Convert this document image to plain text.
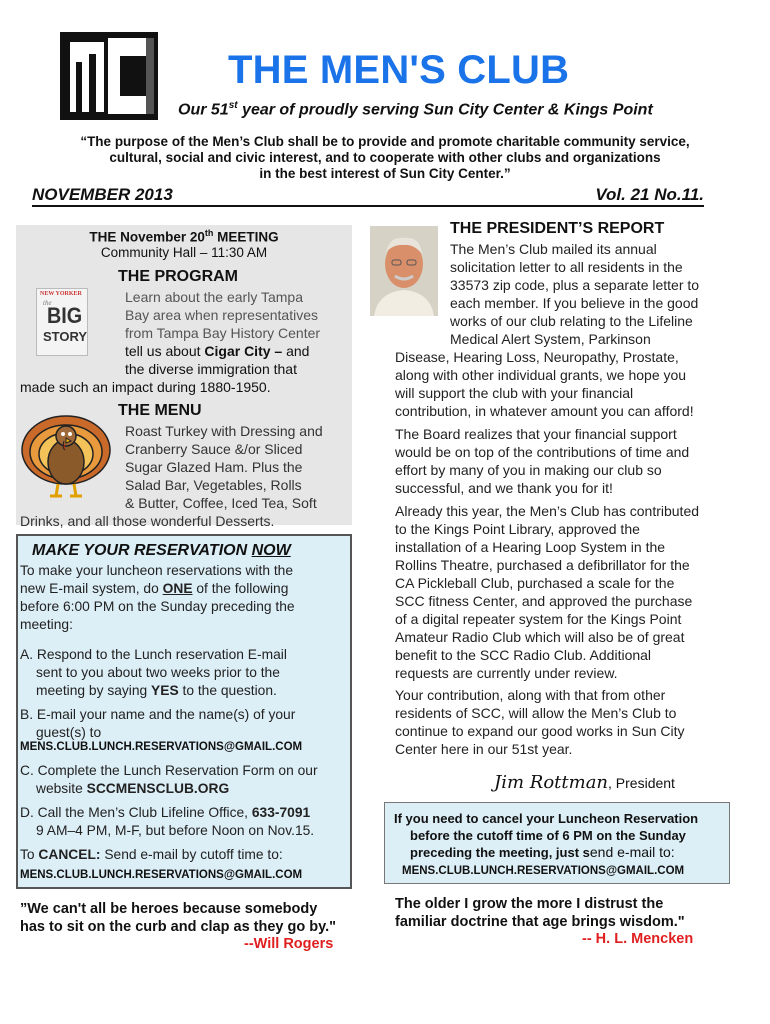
THE MEN'S CLUB
Our 51st year of proudly serving Sun City Center & Kings Point
“The purpose of the Men’s Club shall be to provide and promote charitable community service,
cultural, social and civic interest, and to cooperate with other clubs and organizations
in the best interest of Sun City Center.”
NOVEMBER 2013	Vol. 21 No.11.
THE November 20th MEETING
Community Hall – 11:30 AM
NEW YORKER
the
BIG
STORY
THE PROGRAM
Learn about the early Tampa
Bay area when representatives
from Tampa Bay History Center
tell us about Cigar City – and
the diverse immigration that
made such an impact during 1880-1950.
THE MENU
Roast Turkey with Dressing and
Cranberry Sauce &/or Sliced
Sugar Glazed Ham. Plus the
Salad Bar, Vegetables, Rolls
& Butter, Coffee, Iced Tea, Soft
Drinks, and all those wonderful Desserts.
MAKE YOUR RESERVATION NOW
To make your luncheon reservations with the
new E-mail system, do ONE of the following
before 6:00 PM on the Sunday preceding the
meeting:
A. Respond to the Lunch reservation E-mail
sent to you about two weeks prior to the
meeting by saying YES to the question.
B. E-mail your name and the name(s) of your
guest(s) to
MENS.CLUB.LUNCH.RESERVATIONS@GMAIL.COM
C. Complete the Lunch Reservation Form on our
website SCCMENSCLUB.ORG
D. Call the Men’s Club Lifeline Office, 633-7091
9 AM–4 PM, M-F, but before Noon on Nov.15.
To CANCEL: Send e-mail by cutoff time to:
MENS.CLUB.LUNCH.RESERVATIONS@GMAIL.COM
”We can't all be heroes because somebody
has to sit on the curb and clap as they go by."
--Will Rogers
THE PRESIDENT’S REPORT
The Men’s Club mailed its annual
solicitation letter to all residents in the
33573 zip code, plus a separate letter to
each member. If you believe in the good
works of our club relating to the Lifeline
Medical Alert System, Parkinson
Disease, Hearing Loss, Neuropathy, Prostate,
along with other individual grants, we hope you
will support the club with your financial
contribution, in whatever amount you can afford!
The Board realizes that your financial support
would be on top of the contributions of time and
effort by many of you in making our club so
successful, and we thank you for it!
Already this year, the Men’s Club has contributed
to the Kings Point Library, approved the
installation of a Hearing Loop System in the
Rollins Theatre, purchased a defibrillator for the
CA Pickleball Club, purchased a scale for the
SCC fitness Center, and approved the purchase
of a digital repeater system for the Kings Point
Amateur Radio Club which will also be of great
benefit to the SCC Radio Club. Additional
requests are currently under review.
Your contribution, along with that from other
residents of SCC, will allow the Men’s Club to
continue to expand our good works in Sun City
Center here in our 51st year.
Jim Rottman, President
If you need to cancel your Luncheon Reservation
before the cutoff time of 6 PM on the Sunday
preceding the meeting, just send e-mail to:
MENS.CLUB.LUNCH.RESERVATIONS@GMAIL.COM
The older I grow the more I distrust the
familiar doctrine that age brings wisdom."
-- H. L. Mencken
